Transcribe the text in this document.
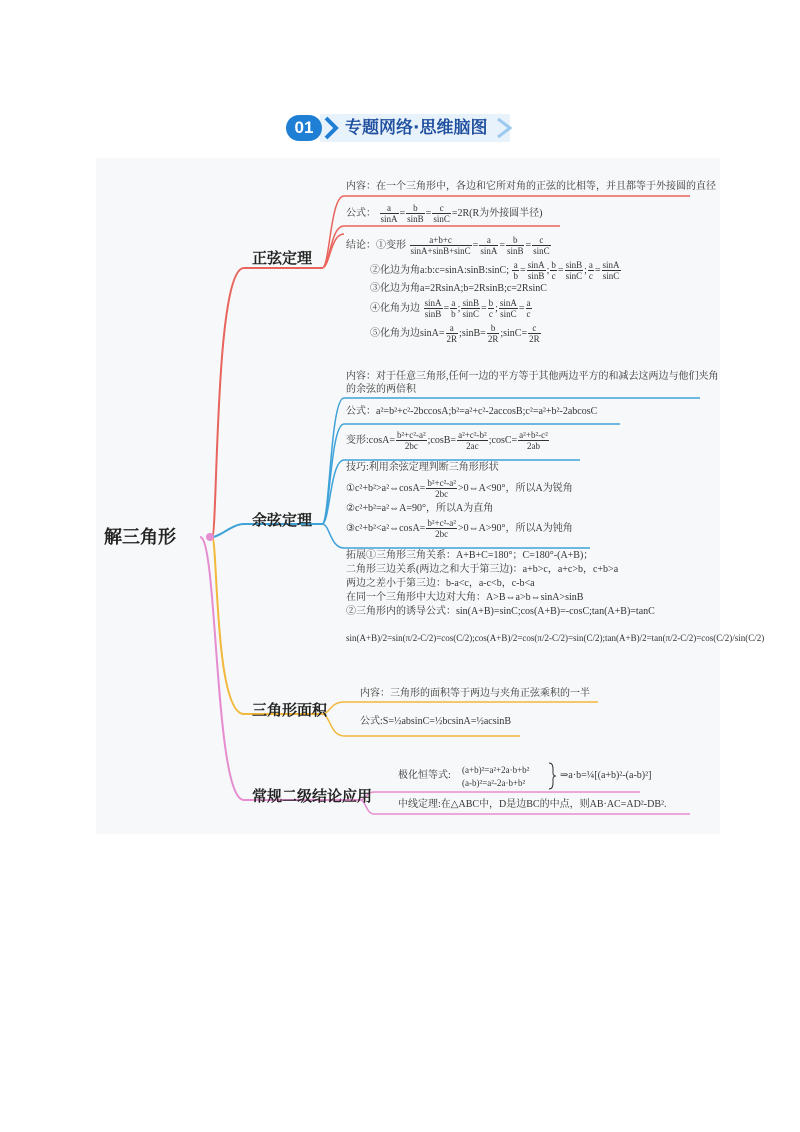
01	专题网络·思维脑图
解三角形
正弦定理
内容：在一个三角形中，各边和它所对角的正弦的比相等，并且都等于外接圆的直径
公式： $\frac{a}{\sin A} = \frac{b}{\sin B} = \frac{c}{\sin C} =2R(R$为外接圆半径)
结论：①变形 $\frac{a+b+c}{\sin A+\sin B+\sin C} = \frac{a}{\sin A} = \frac{b}{\sin B} = \frac{c}{\sin C}$
②化边为角a:b:c=sinA:sinB:sinC; $\frac{a}{b} = \frac{\sin A}{\sin B}$ ; $\frac{b}{c} = \frac{\sin B}{\sin C}$ ; $\frac{a}{c} = \frac{\sin A}{\sin C}$
③化边为角a=2RsinA;b=2RsinB;c=2RsinC
④化角为边 $\frac{\sin A}{\sin B} = \frac{a}{b}$ ; $\frac{\sin B}{\sin C} = \frac{b}{c}$ ; $\frac{\sin A}{\sin C} = \frac{a}{c}$
⑤化角为边$\sin A= \frac{a}{2R}$ ;sinB= $\frac{b}{2R}$ ;sinC= $\frac{c}{2R}$
余弦定理
内容：对于任意三角形,任何一边的平方等于其他两边平方的和减去这两边与他们夹角
的余弦的两倍积
公式：a²=b²+c²-2bccosA;b²=a²+c²-2accosB;c²=a²+b²-2abcosC
变形:cosA= $\frac{\text{b²+c²-a²}}{2bc}$ ;cosB= $\frac{\text{a²+c²-b²}}{2ac}$ ;cosC= $\frac{\text{a²+b²-c²}}{2ab}$
技巧:利用余弦定理判断三角形形状
①c²+b²>a²⇔cosA= $\frac{\text{b²+c²-a²}}{2bc}$ >0⇔A<90°，所以A为锐角
②c²+b²=a²⇔A=90°，所以A为直角
③c²+b²<a²⇔cosA= $\frac{\text{b²+c²-a²}}{2bc}$ >0⇔A>90°，所以A为钝角
拓展①三角形三角关系：A+B+C=180°；C=180°-(A+B)；
二角形三边关系(两边之和大于第三边)：a+b>c，a+c>b，c+b>a
两边之差小于第三边：b-a<c，a-c<b，c-b<a
在同一个三角形中大边对大角：A>B⇔a>b⇔sinA>sinB
②三角形内的诱导公式：sin(A+B)=sinC;cos(A+B)=-cosC;tan(A+B)=tanC
sin(A+B)/2=sin(π/2-C/2)=cos(C/2);cos(A+B)/2=cos(π/2-C/2)=sin(C/2);tan(A+B)/2=tan(π/2-C/2)=cos(C/2)/sin(C/2)
三角形面积
内容：三角形的面积等于两边与夹角正弦乘积的一半
公式:S=½absinC=½bcsinA=½acsinB
常规二级结论应用
极化恒等式: (a+b)²=a²+2a·b+b²
(a-b)²=a²-2a·b+b²
⇒a·b=¼[(a+b)²-(a-b)²]
中线定理:在△ABC中，D是边BC的中点，则AB·AC=AD²-DB².
